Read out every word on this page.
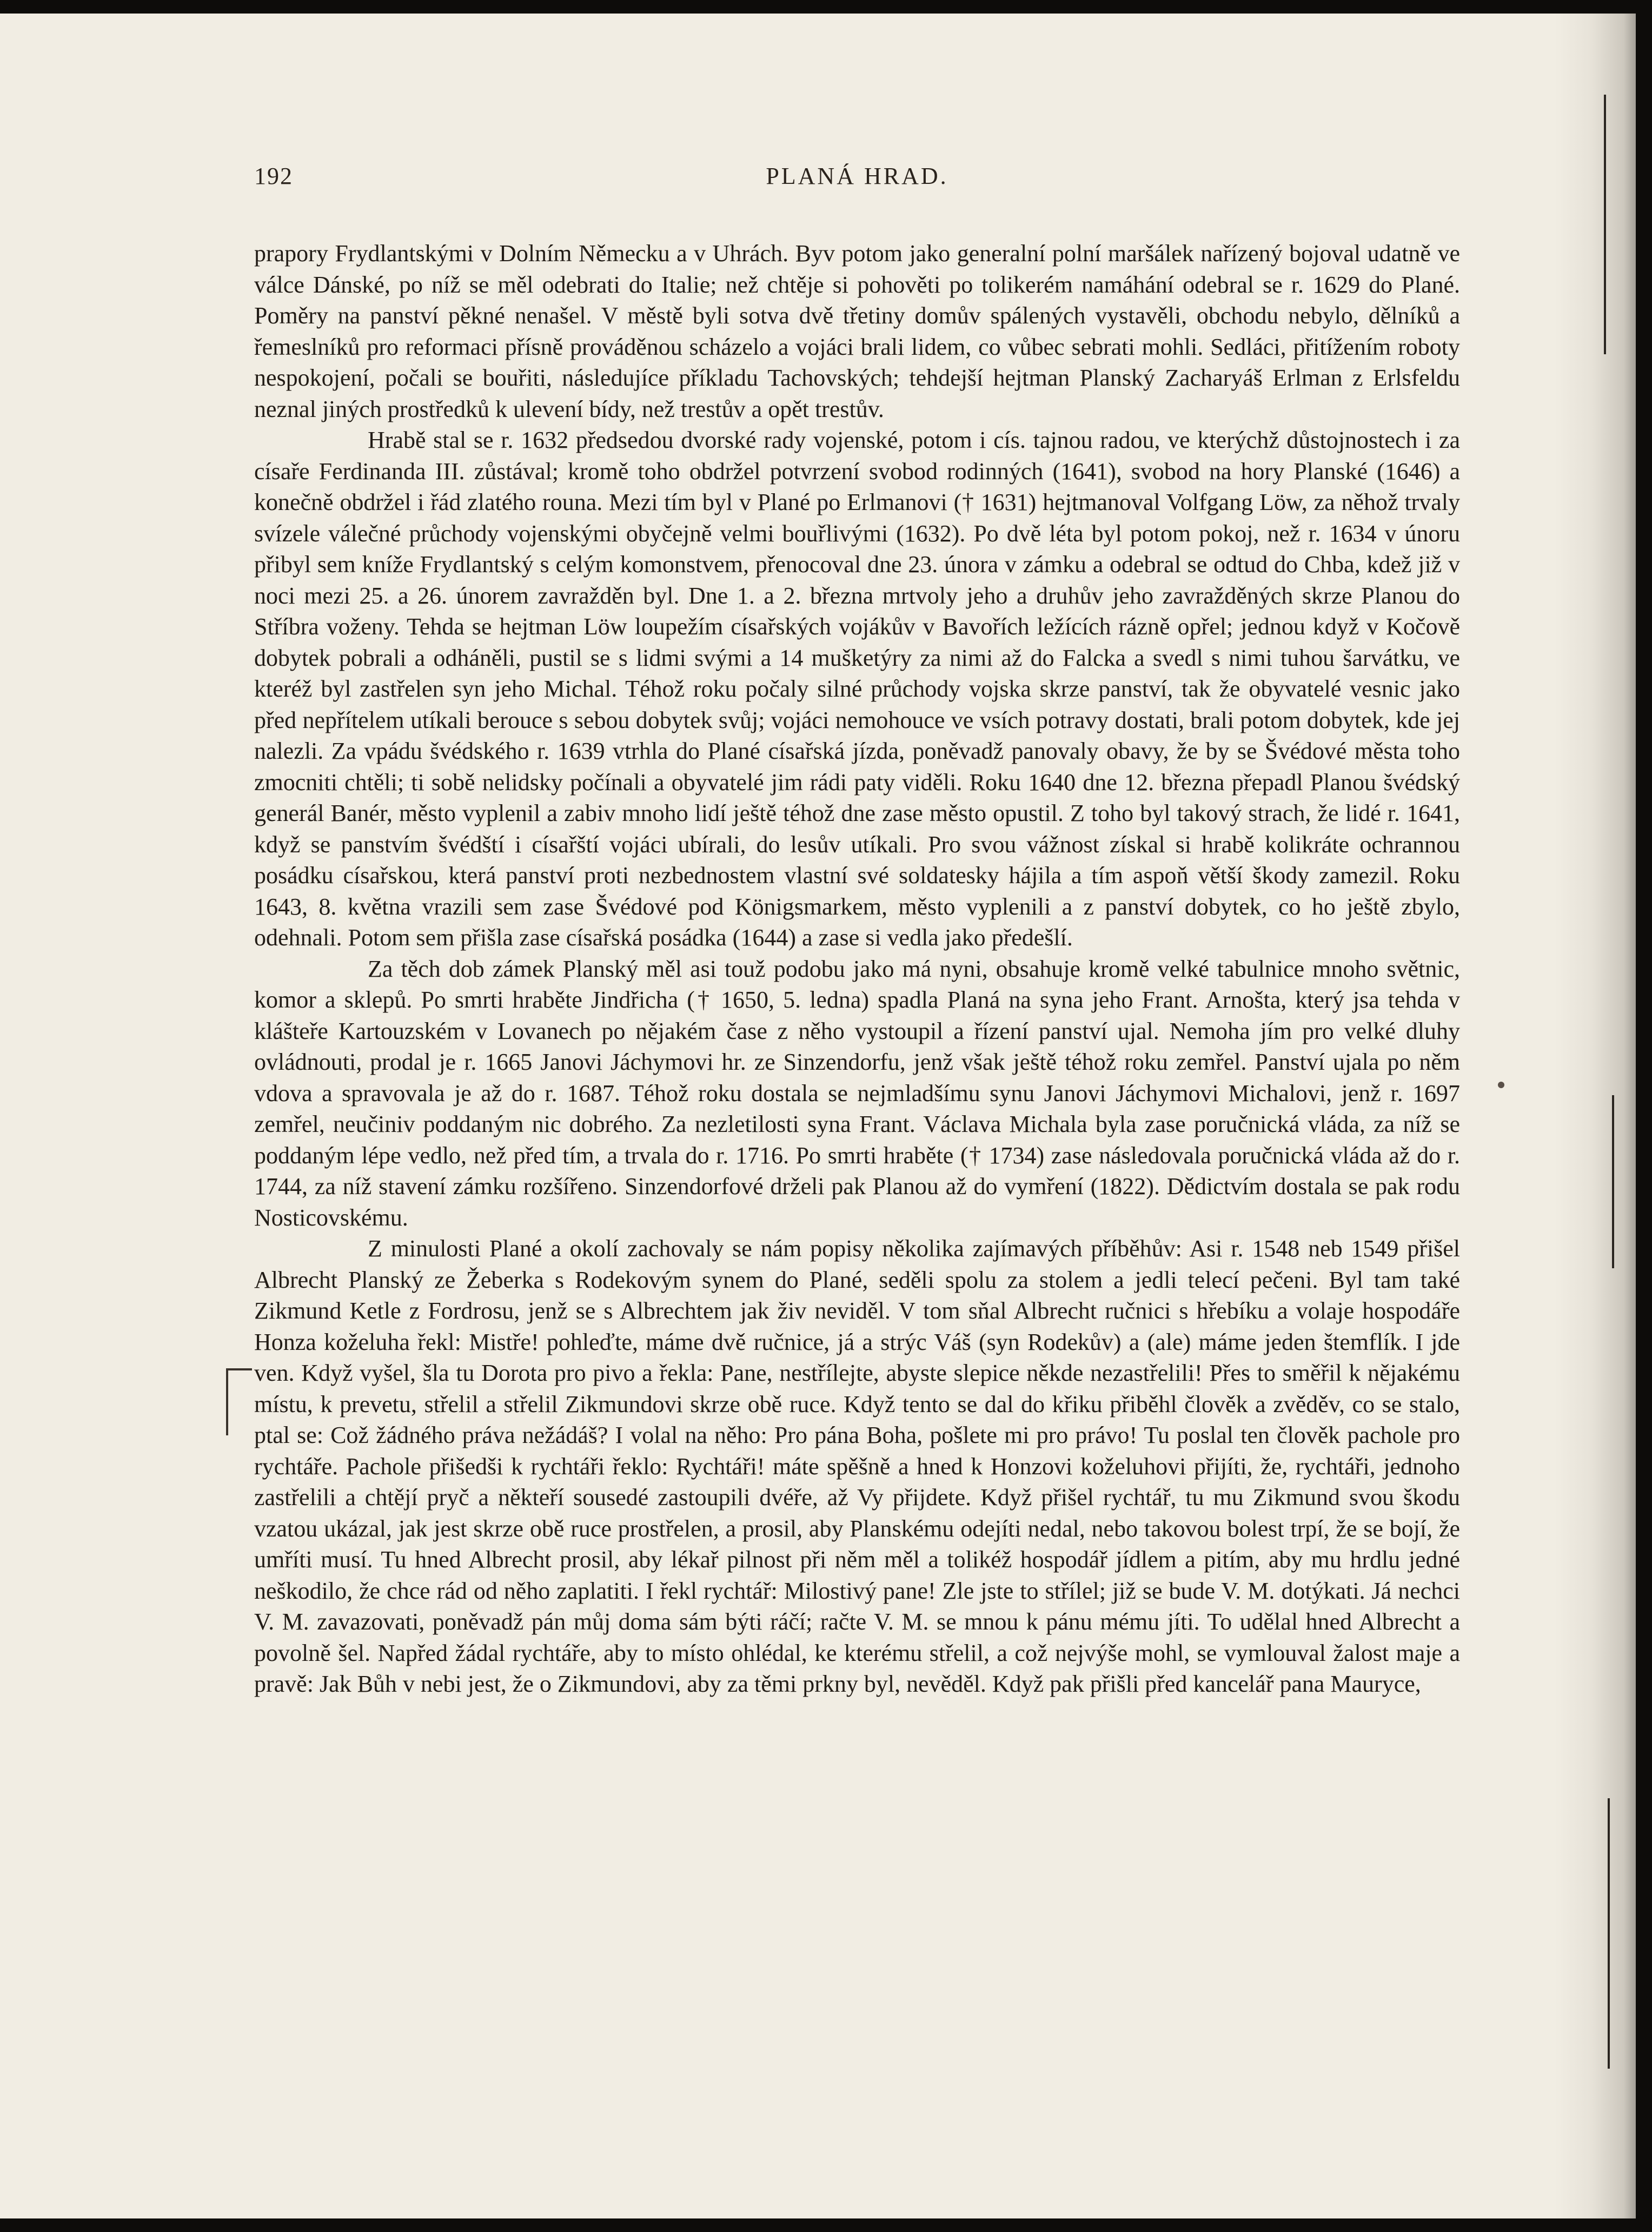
192	PLANÁ HRAD.

prapory Frydlantskými v Dolním Německu a v Uhrách. Byv potom jako generalní polní maršálek nařízený bojoval udatně ve válce Dánské, po níž se měl odebrati do Italie; než chtěje si pohověti po tolikerém namáhání odebral se r. 1629 do Plané. Poměry na panství pěkné nenašel. V městě byli sotva dvě třetiny domův spálených vystavěli, obchodu nebylo, dělníků a řemeslníků pro reformaci přísně prováděnou scházelo a vojáci brali lidem, co vůbec sebrati mohli. Sedláci, přitížením roboty nespokojení, počali se bouřiti, následujíce příkladu Tachovských; tehdejší hejtman Planský Zacharyáš Erlman z Erlsfeldu neznal jiných prostředků k ulevení bídy, než trestův a opět trestův.

Hrabě stal se r. 1632 předsedou dvorské rady vojenské, potom i cís. tajnou radou, ve kterýchž důstojnostech i za císaře Ferdinanda III. zůstával; kromě toho obdržel potvrzení svobod rodinných (1641), svobod na hory Planské (1646) a konečně obdržel i řád zlatého rouna. Mezi tím byl v Plané po Erlmanovi († 1631) hejtmanoval Volfgang Löw, za něhož trvaly svízele válečné průchody vojenskými obyčejně velmi bouřlivými (1632). Po dvě léta byl potom pokoj, než r. 1634 v únoru přibyl sem kníže Frydlantský s celým komonstvem, přenocoval dne 23. února v zámku a odebral se odtud do Chba, kdež již v noci mezi 25. a 26. únorem zavražděn byl. Dne 1. a 2. března mrtvoly jeho a druhův jeho zavražděných skrze Planou do Stříbra voženy. Tehda se hejtman Löw loupežím císařských vojákův v Bavořích ležících rázně opřel; jednou když v Kočově dobytek pobrali a odháněli, pustil se s lidmi svými a 14 mušketýry za nimi až do Falcka a svedl s nimi tuhou šarvátku, ve kteréž byl zastřelen syn jeho Michal. Téhož roku počaly silné průchody vojska skrze panství, tak že obyvatelé vesnic jako před nepřítelem utíkali berouce s sebou dobytek svůj; vojáci nemohouce ve vsích potravy dostati, brali potom dobytek, kde jej nalezli. Za vpádu švédského r. 1639 vtrhla do Plané císařská jízda, poněvadž panovaly obavy, že by se Švédové města toho zmocniti chtěli; ti sobě nelidsky počínali a obyvatelé jim rádi paty viděli. Roku 1640 dne 12. března přepadl Planou švédský generál Banér, město vyplenil a zabiv mnoho lidí ještě téhož dne zase město opustil. Z toho byl takový strach, že lidé r. 1641, když se panstvím švédští i císařští vojáci ubírali, do lesův utíkali. Pro svou vážnost získal si hrabě kolikráte ochrannou posádku císařskou, která panství proti nezbednostem vlastní své soldatesky hájila a tím aspoň větší škody zamezil. Roku 1643, 8. května vrazili sem zase Švédové pod Königsmarkem, město vyplenili a z panství dobytek, co ho ještě zbylo, odehnali. Potom sem přišla zase císařská posádka (1644) a zase si vedla jako předešlí.

Za těch dob zámek Planský měl asi touž podobu jako má nyni, obsahuje kromě velké tabulnice mnoho světnic, komor a sklepů. Po smrti hraběte Jindřicha († 1650, 5. ledna) spadla Planá na syna jeho Frant. Arnošta, který jsa tehda v klášteře Kartouzském v Lovanech po nějakém čase z něho vystoupil a řízení panství ujal. Nemoha jím pro velké dluhy ovládnouti, prodal je r. 1665 Janovi Jáchymovi hr. ze Sinzendorfu, jenž však ještě téhož roku zemřel. Panství ujala po něm vdova a spravovala je až do r. 1687. Téhož roku dostala se nejmladšímu synu Janovi Jáchymovi Michalovi, jenž r. 1697 zemřel, neučiniv poddaným nic dobrého. Za nezletilosti syna Frant. Václava Michala byla zase poručnická vláda, za níž se poddaným lépe vedlo, než před tím, a trvala do r. 1716. Po smrti hraběte († 1734) zase následovala poručnická vláda až do r. 1744, za níž stavení zámku rozšířeno. Sinzendorfové drželi pak Planou až do vymření (1822). Dědictvím dostala se pak rodu Nosticovskému.

Z minulosti Plané a okolí zachovaly se nám popisy několika zajímavých příběhův: Asi r. 1548 neb 1549 přišel Albrecht Planský ze Žeberka s Rodekovým synem do Plané, seděli spolu za stolem a jedli telecí pečeni. Byl tam také Zikmund Ketle z Fordrosu, jenž se s Albrechtem jak živ neviděl. V tom sňal Albrecht ručnici s hřebíku a volaje hospodáře Honza koželuha řekl: Mistře! pohleďte, máme dvě ručnice, já a strýc Váš (syn Rodekův) a (ale) máme jeden štemflík. I jde ven. Když vyšel, šla tu Dorota pro pivo a řekla: Pane, nestřílejte, abyste slepice někde nezastřelili! Přes to směřil k nějakému místu, k prevetu, střelil a střelil Zikmundovi skrze obě ruce. Když tento se dal do křiku přiběhl člověk a zvěděv, co se stalo, ptal se: Což žádného práva nežádáš? I volal na něho: Pro pána Boha, pošlete mi pro právo! Tu poslal ten člověk pachole pro rychtáře. Pachole přišedši k rychtáři řeklo: Rychtáři! máte spěšně a hned k Honzovi koželuhovi přijíti, že, rychtáři, jednoho zastřelili a chtějí pryč a někteří sousedé zastoupili dvéře, až Vy přijdete. Když přišel rychtář, tu mu Zikmund svou škodu vzatou ukázal, jak jest skrze obě ruce prostřelen, a prosil, aby Planskému odejíti nedal, nebo takovou bolest trpí, že se bojí, že umříti musí. Tu hned Albrecht prosil, aby lékař pilnost při něm měl a tolikéž hospodář jídlem a pitím, aby mu hrdlu jedné neškodilo, že chce rád od něho zaplatiti. I řekl rychtář: Milostivý pane! Zle jste to střílel; již se bude V. M. dotýkati. Já nechci V. M. zavazovati, poněvadž pán můj doma sám býti ráčí; račte V. M. se mnou k pánu mému jíti. To udělal hned Albrecht a povolně šel. Napřed žádal rychtáře, aby to místo ohlédal, ke kterému střelil, a což nejvýše mohl, se vymlouval žalost maje a pravě: Jak Bůh v nebi jest, že o Zikmundovi, aby za těmi prkny byl, nevěděl. Když pak přišli před kancelář pana Mauryce,
